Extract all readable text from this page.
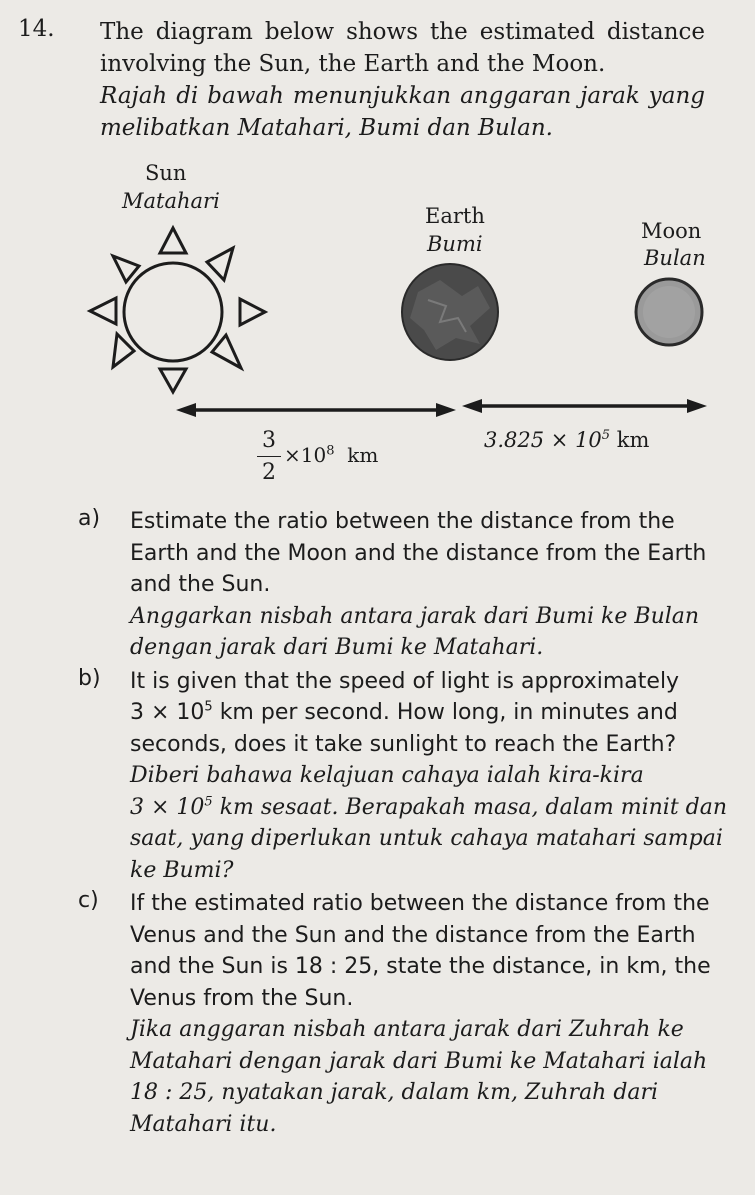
14. The diagram below shows the estimated distance involving the Sun, the Earth and the Moon.
Rajah di bawah menunjukkan anggaran jarak yang melibatkan Matahari, Bumi dan Bulan.
Sun
Matahari
Earth
Bumi
Moon
Bulan
3
2
$\times 10^8$ km
$3.825 \times 10^5$ km
a) Estimate the ratio between the distance from the Earth and the Moon and the distance from the Earth and the Sun.
Anggarkan nisbah antara jarak dari Bumi ke Bulan dengan jarak dari Bumi ke Matahari.
b) It is given that the speed of light is approximately
$3 \times 10^5$ km per second. How long, in minutes and seconds, does it take sunlight to reach the Earth?
Diberi bahawa kelajuan cahaya ialah kira-kira
$3 \times 10^5$ km sesaat. Berapakah masa, dalam minit dan saat, yang diperlukan untuk cahaya matahari sampai ke Bumi?
c) If the estimated ratio between the distance from the Venus and the Sun and the distance from the Earth and the Sun is 18 : 25, state the distance, in km, the Venus from the Sun.
Jika anggaran nisbah antara jarak dari Zuhrah ke Matahari dengan jarak dari Bumi ke Matahari ialah 18 : 25, nyatakan jarak, dalam km, Zuhrah dari Matahari itu.
